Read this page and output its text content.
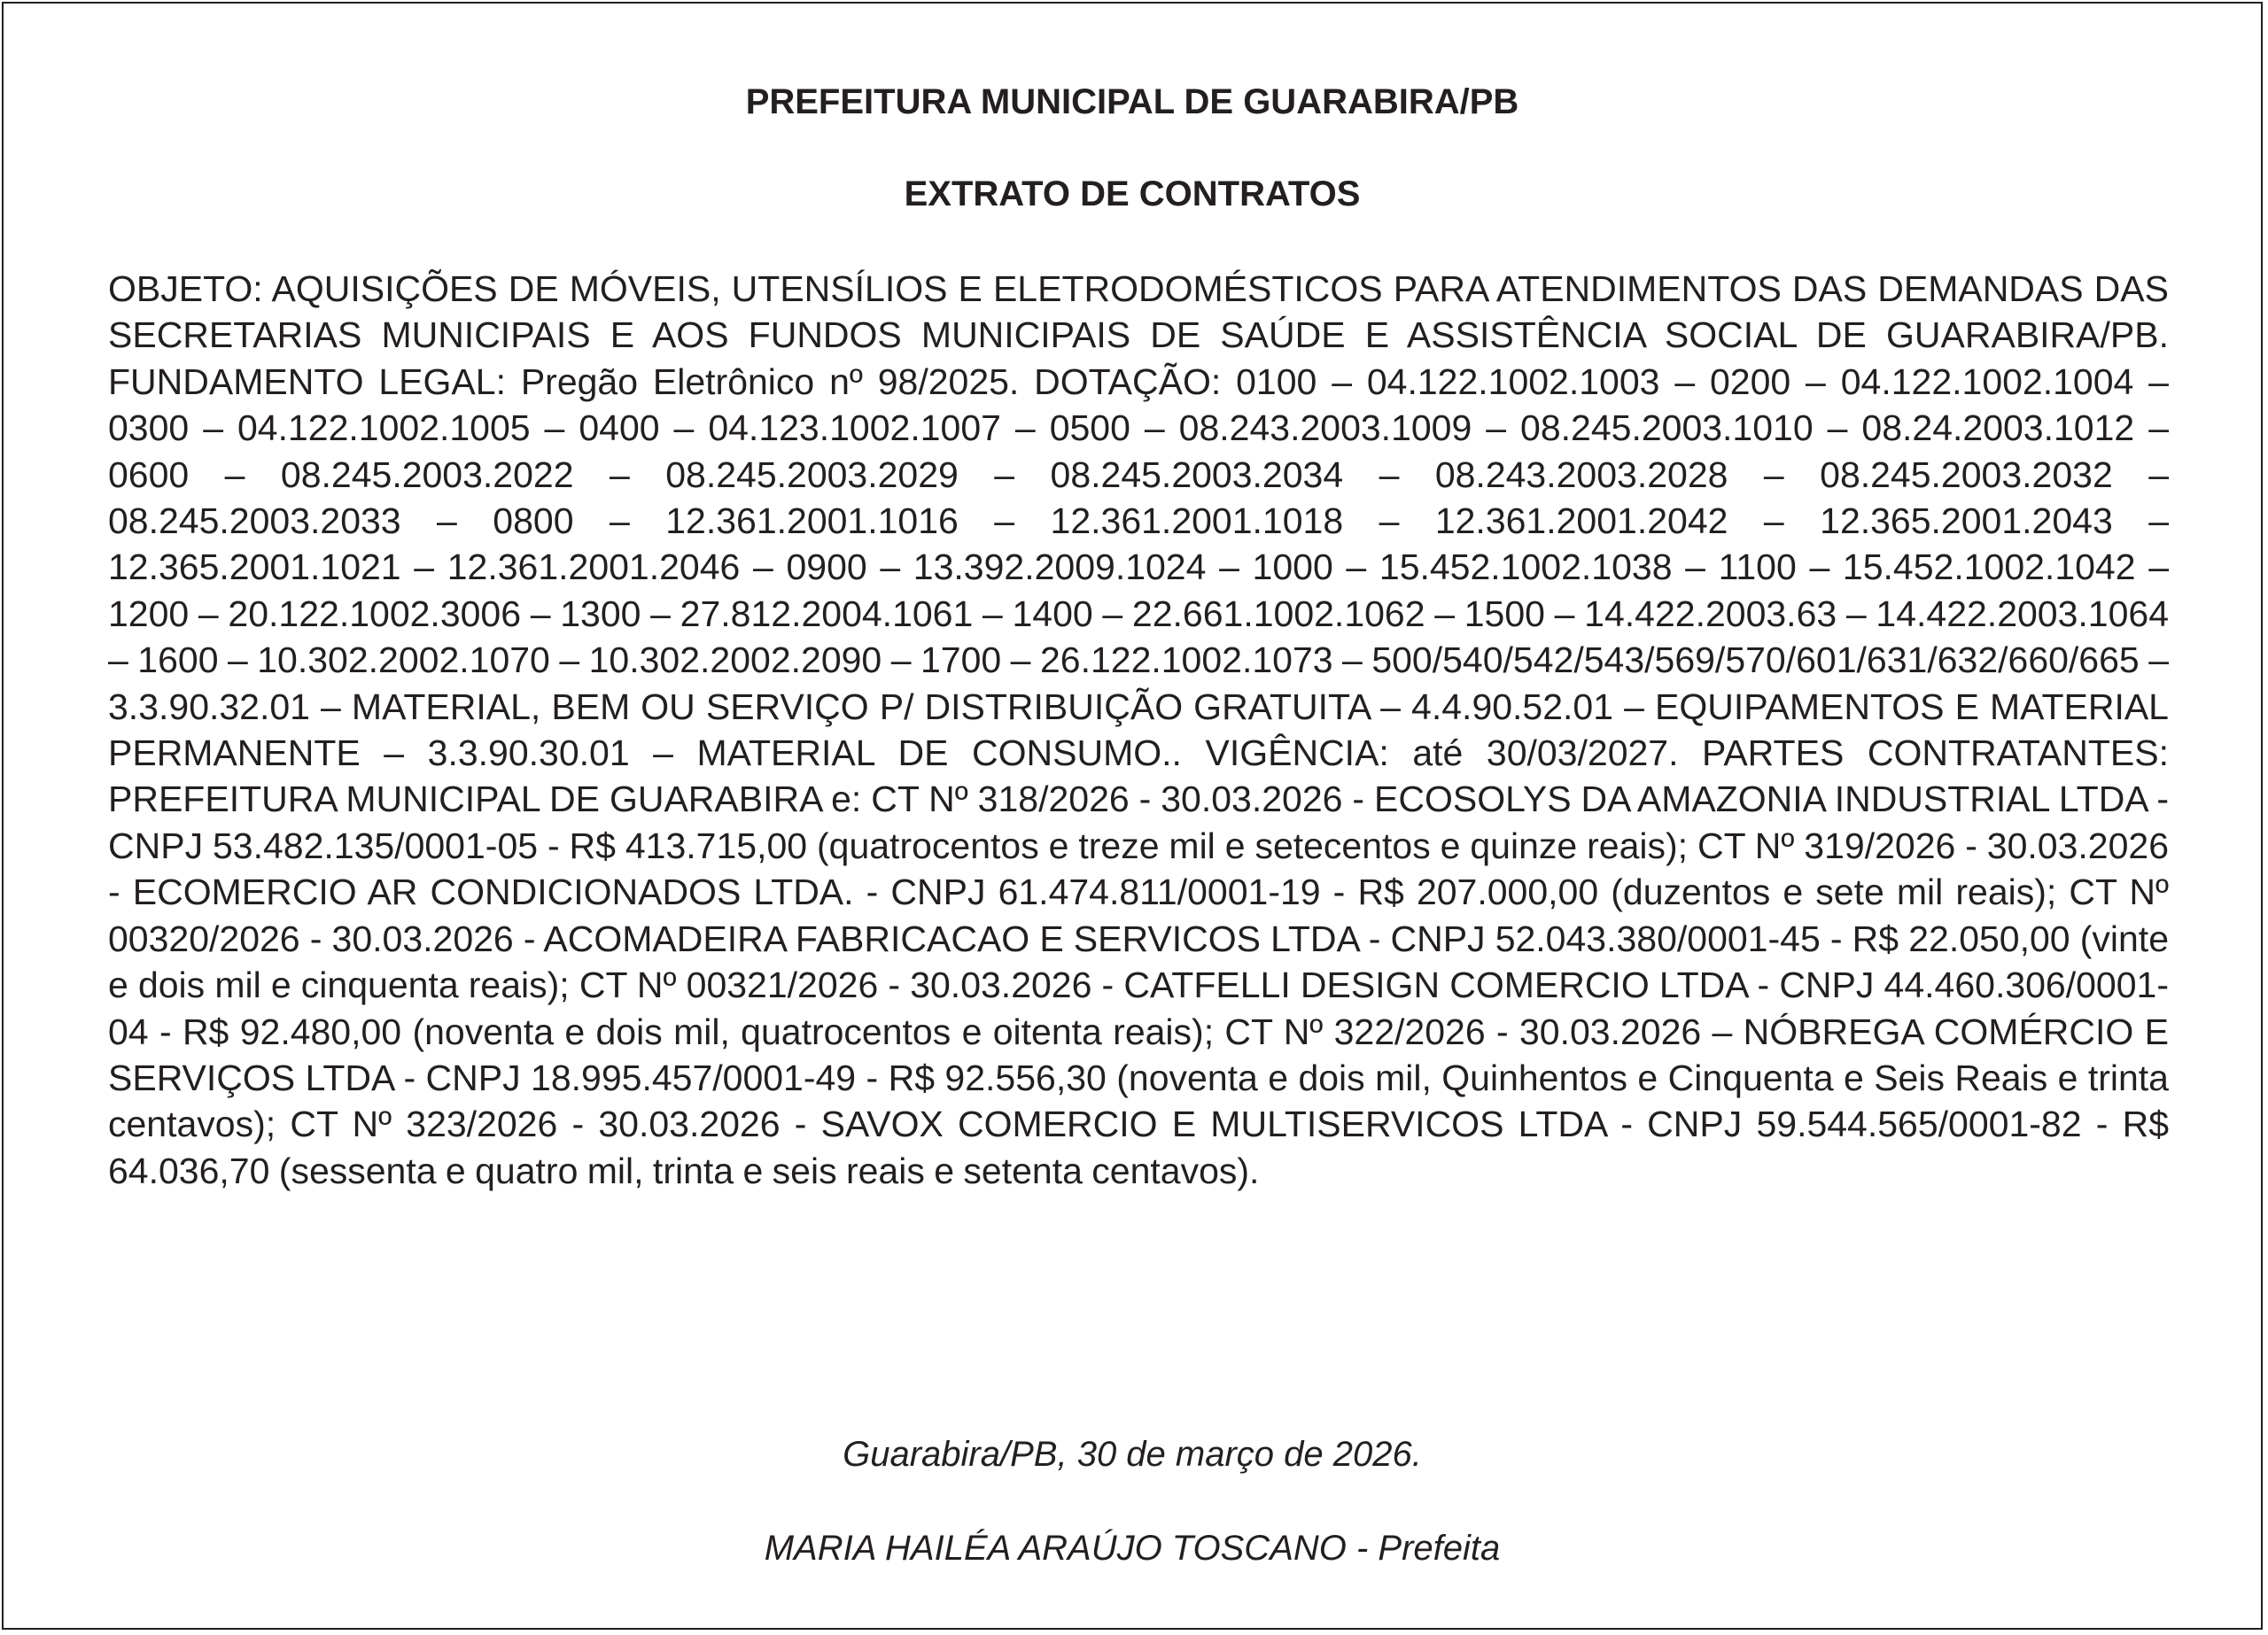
PREFEITURA MUNICIPAL DE GUARABIRA/PB
EXTRATO DE CONTRATOS

OBJETO: AQUISIÇÕES DE MÓVEIS, UTENSÍLIOS E ELETRODOMÉSTICOS PARA ATENDIMENTOS DAS DEMANDAS DAS SECRETARIAS MUNICIPAIS E AOS FUNDOS MUNICIPAIS DE SAÚDE E ASSISTÊNCIA SOCIAL DE GUARABIRA/PB. FUNDAMENTO LEGAL: Pregão Eletrônico nº 98/2025. DOTAÇÃO: 0100 – 04.122.1002.1003 – 0200 – 04.122.1002.1004 – 0300 – 04.122.1002.1005 – 0400 – 04.123.1002.1007 – 0500 – 08.243.2003.1009 – 08.245.2003.1010 – 08.24.2003.1012 – 0600 – 08.245.2003.2022 – 08.245.2003.2029 – 08.245.2003.2034 – 08.243.2003.2028 – 08.245.2003.2032 – 08.245.2003.2033 – 0800 – 12.361.2001.1016 – 12.361.2001.1018 – 12.361.2001.2042 – 12.365.2001.2043 – 12.365.2001.1021 – 12.361.2001.2046 – 0900 – 13.392.2009.1024 – 1000 – 15.452.1002.1038 – 1100 – 15.452.1002.1042 – 1200 – 20.122.1002.3006 – 1300 – 27.812.2004.1061 – 1400 – 22.661.1002.1062 – 1500 – 14.422.2003.63 – 14.422.2003.1064 – 1600 – 10.302.2002.1070 – 10.302.2002.2090 – 1700 – 26.122.1002.1073 – 500/540/542/543/569/570/601/631/632/660/665 – 3.3.90.32.01 – MATERIAL, BEM OU SERVIÇO P/ DISTRIBUIÇÃO GRATUITA – 4.4.90.52.01 – EQUIPAMENTOS E MATERIAL PERMANENTE – 3.3.90.30.01 – MATERIAL DE CONSUMO.. VIGÊNCIA: até 30/03/2027. PARTES CONTRATANTES: PREFEITURA MUNICIPAL DE GUARABIRA e: CT Nº 318/2026 - 30.03.2026 - ECOSOLYS DA AMAZONIA INDUSTRIAL LTDA - CNPJ 53.482.135/0001-05 - R$ 413.715,00 (quatrocentos e treze mil e setecentos e quinze reais); CT Nº 319/2026 - 30.03.2026 - ECOMERCIO AR CONDICIONADOS LTDA. - CNPJ 61.474.811/0001-19 - R$ 207.000,00 (duzentos e sete mil reais); CT Nº 00320/2026 - 30.03.2026 - ACOMADEIRA FABRICACAO E SERVICOS LTDA - CNPJ 52.043.380/0001-45 - R$ 22.050,00 (vinte e dois mil e cinquenta reais); CT Nº 00321/2026 - 30.03.2026 - CATFELLI DESIGN COMERCIO LTDA - CNPJ 44.460.306/0001-04 - R$ 92.480,00 (noventa e dois mil, quatrocentos e oitenta reais); CT Nº 322/2026 - 30.03.2026 – NÓBREGA COMÉRCIO E SERVIÇOS LTDA - CNPJ 18.995.457/0001-49 - R$ 92.556,30 (noventa e dois mil, Quinhentos e Cinquenta e Seis Reais e trinta centavos); CT Nº 323/2026 - 30.03.2026 - SAVOX COMERCIO E MULTISERVICOS LTDA - CNPJ 59.544.565/0001-82 - R$ 64.036,70 (sessenta e quatro mil, trinta e seis reais e setenta centavos).

Guarabira/PB, 30 de março de 2026.

MARIA HAILÉA ARAÚJO TOSCANO - Prefeita
